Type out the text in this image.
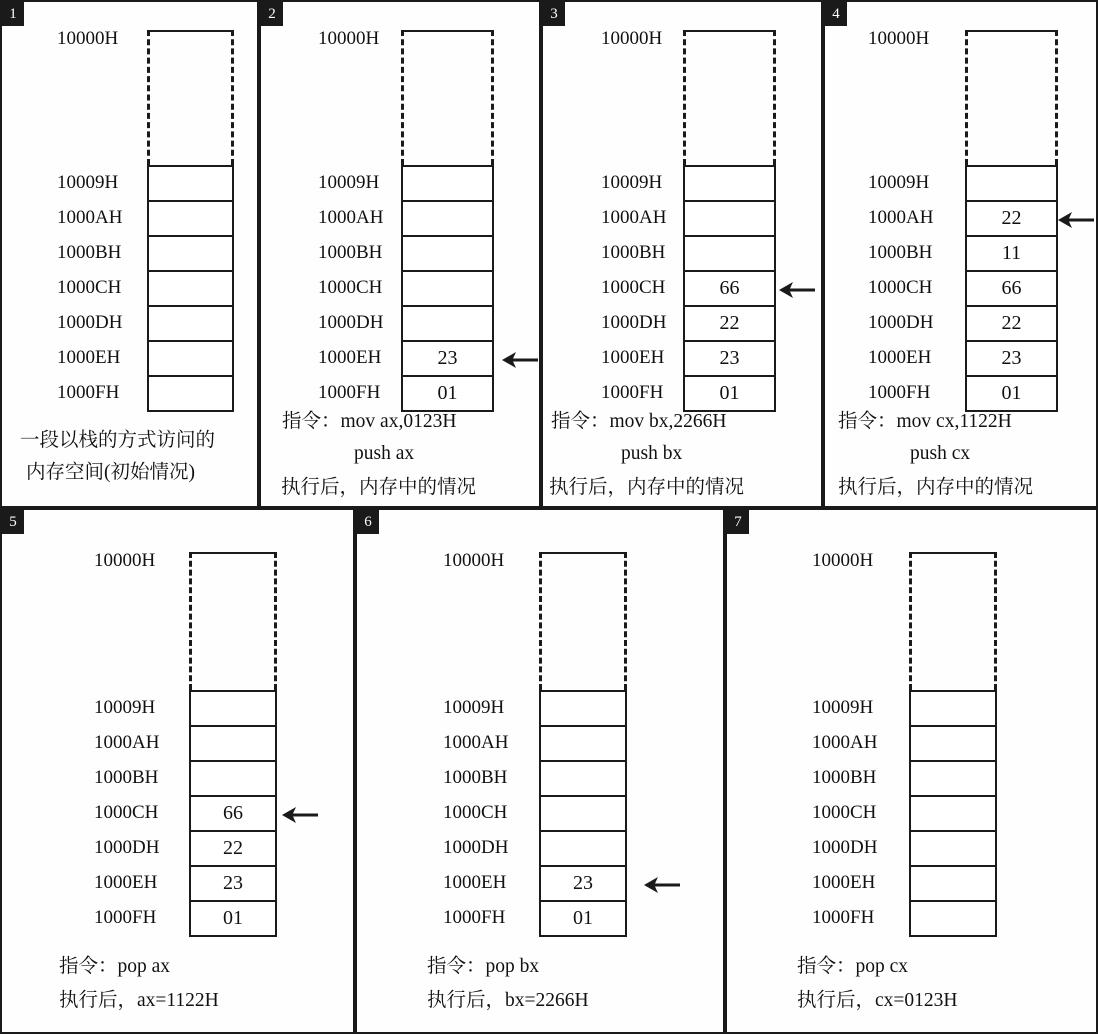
1
10000H
10009H
1000AH
1000BH
1000CH
1000DH
1000EH
1000FH
一段以栈的方式访问的
内存空间(初始情况)
2
10000H
10009H
1000AH
1000BH
1000CH
1000DH
1000EH	23
1000FH	01
指令：mov ax,0123H
push ax
执行后，内存中的情况
3
10000H
10009H
1000AH
1000BH
1000CH	66
1000DH	22
1000EH	23
1000FH	01
指令：mov bx,2266H
push bx
执行后，内存中的情况
4
10000H
10009H
1000AH	22
1000BH	11
1000CH	66
1000DH	22
1000EH	23
1000FH	01
指令：mov cx,1122H
push cx
执行后，内存中的情况
5
10000H
10009H
1000AH
1000BH
1000CH	66
1000DH	22
1000EH	23
1000FH	01
指令：pop ax
执行后，ax=1122H
6
10000H
10009H
1000AH
1000BH
1000CH
1000DH
1000EH	23
1000FH	01
指令：pop bx
执行后，bx=2266H
7
10000H
10009H
1000AH
1000BH
1000CH
1000DH
1000EH
1000FH
指令：pop cx
执行后，cx=0123H
